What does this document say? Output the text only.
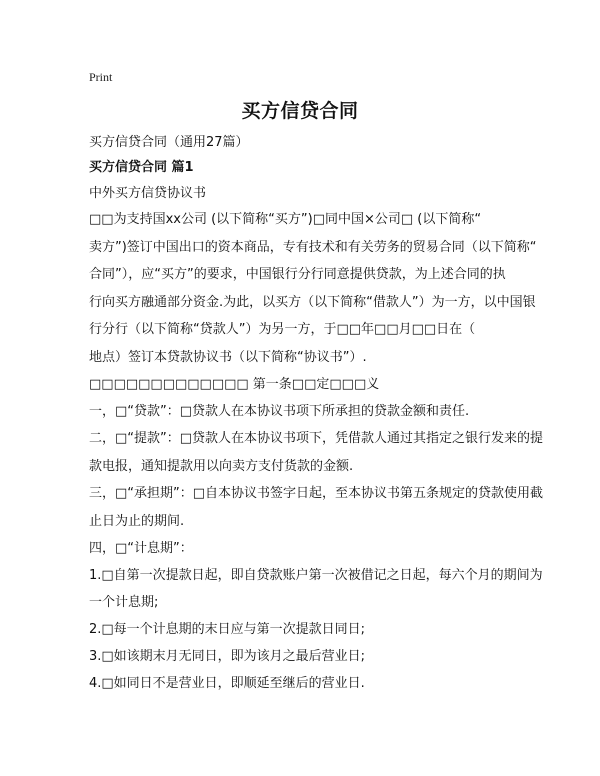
Print
买方信贷合同
买方信贷合同（通用27篇）
买方信贷合同 篇1
中外买方信贷协议书
□□为支持国xx公司 (以下简称“买方”)□同中国×公司□ (以下简称“
卖方”)签订中国出口的资本商品，专有技术和有关劳务的贸易合同（以下简称“
合同”），应“买方”的要求，中国银行分行同意提供贷款，为上述合同的执
行向买方融通部分资金.为此，以买方（以下简称“借款人”）为一方，以中国银
行分行（以下简称“贷款人”）为另一方，于□□年□□月□□日在（
地点）签订本贷款协议书（以下简称“协议书”）.
□□□□□□□□□□□□□ 第一条□□定□□□义
一，□“贷款”：□贷款人在本协议书项下所承担的贷款金额和责任.
二，□“提款”：□贷款人在本协议书项下，凭借款人通过其指定之银行发来的提
款电报，通知提款用以向卖方支付货款的金额.
三，□“承担期”：□自本协议书签字日起，至本协议书第五条规定的贷款使用截
止日为止的期间.
四，□“计息期”：
1.□自第一次提款日起，即自贷款账户第一次被借记之日起，每六个月的期间为
一个计息期;
2.□每一个计息期的末日应与第一次提款日同日;
3.□如该期末月无同日，即为该月之最后营业日;
4.□如同日不是营业日，即顺延至继后的营业日.
